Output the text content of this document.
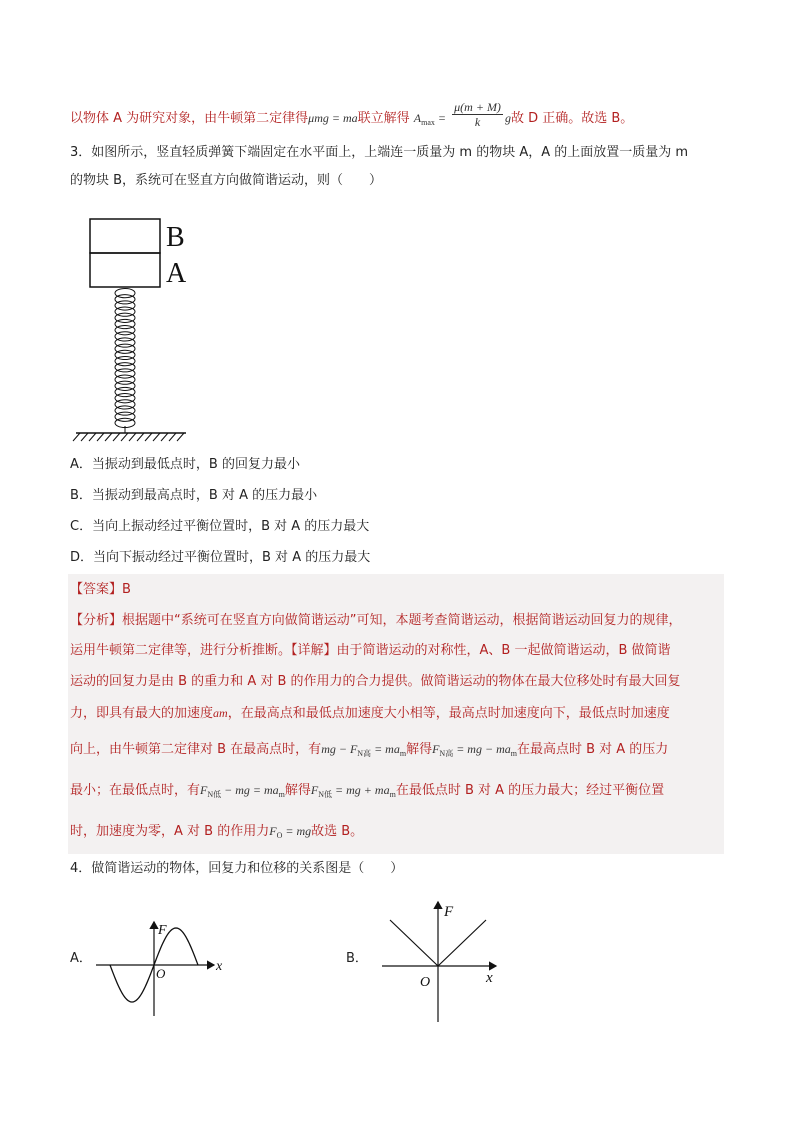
以物体 A 为研究对象，由牛顿第二定律得μmg = ma联立解得 $A_{max} = \frac{\mu(m + M)}{k}$ g故 D 正确。故选 B。
3．如图所示，竖直轻质弹簧下端固定在水平面上，上端连一质量为 m 的物块 A，A 的上面放置一质量为 m
的物块 B，系统可在竖直方向做简谐运动，则（　　）
B
A
A．当振动到最低点时，B 的回复力最小
B．当振动到最高点时，B 对 A 的压力最小
C．当向上振动经过平衡位置时，B 对 A 的压力最大
D．当向下振动经过平衡位置时，B 对 A 的压力最大
【答案】B
【分析】根据题中“系统可在竖直方向做简谐运动”可知，本题考查简谐运动，根据简谐运动回复力的规律，
运用牛顿第二定律等，进行分析推断。【详解】由于简谐运动的对称性，A、B 一起做简谐运动，B 做简谐
运动的回复力是由 B 的重力和 A 对 B 的作用力的合力提供。做简谐运动的物体在最大位移处时有最大回复
力，即具有最大的加速度am，在最高点和最低点加速度大小相等，最高点时加速度向下，最低点时加速度
向上，由牛顿第二定律对 B 在最高点时，有mg − $F_{N高} = ma_m$解得$F_{N高}$ = mg − $ma_m$在最高点时 B 对 A 的压力
最小；在最低点时，有$F_{N低}$ − mg = $ma_m$解得$F_{N低}$ = mg + $ma_m$在最低点时 B 对 A 的压力最大；经过平衡位置
时，加速度为零，A 对 B 的作用力$F_O$ = mg故选 B。
4．做简谐运动的物体，回复力和位移的关系图是（　　）
A．
F
x
O
B．
F
x
O
